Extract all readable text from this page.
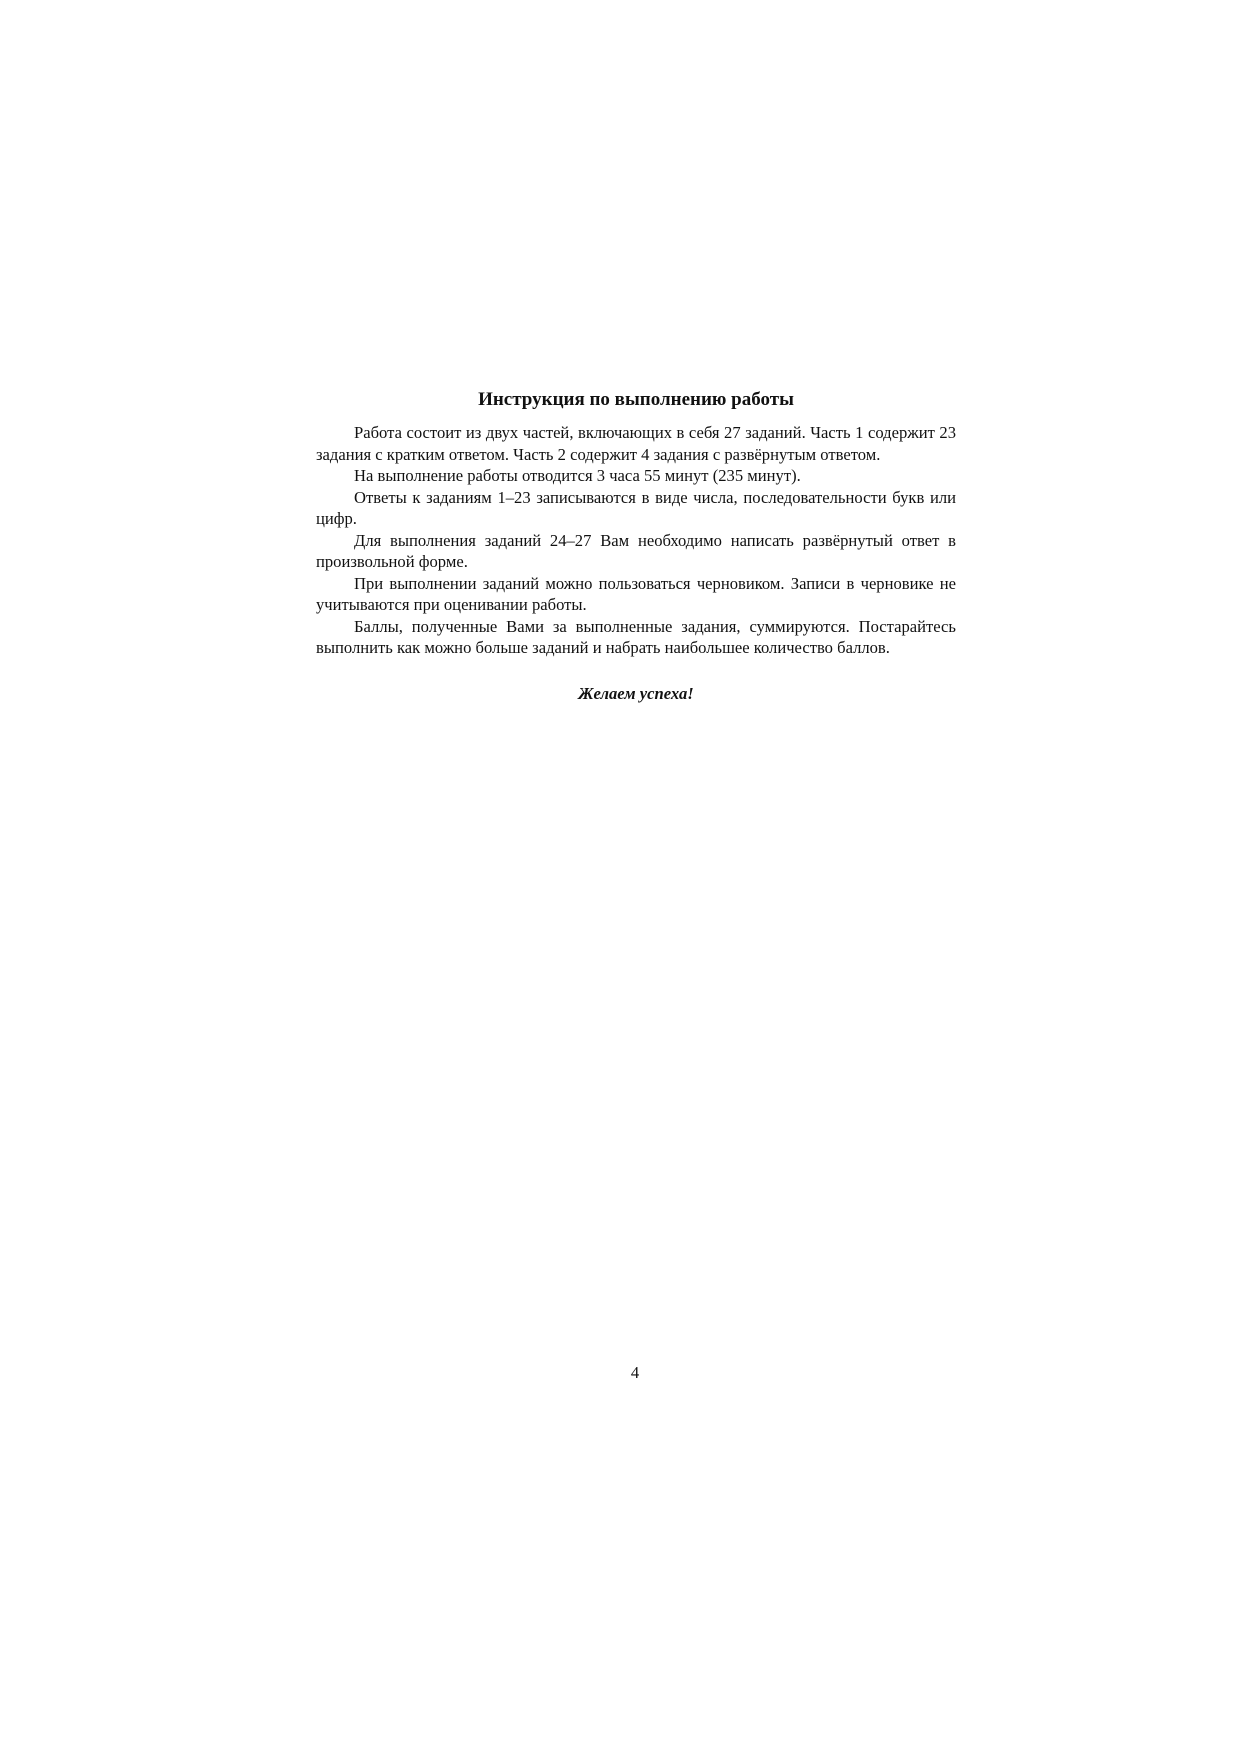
Инструкция по выполнению работы

Работа состоит из двух частей, включающих в себя 27 заданий. Часть 1 содержит 23 задания с кратким ответом. Часть 2 содержит 4 задания с развёрнутым ответом.

На выполнение работы отводится 3 часа 55 минут (235 минут).

Ответы к заданиям 1–23 записываются в виде числа, последовательности букв или цифр.

Для выполнения заданий 24–27 Вам необходимо написать развёрнутый ответ в произвольной форме.

При выполнении заданий можно пользоваться черновиком. Записи в черновике не учитываются при оценивании работы.

Баллы, полученные Вами за выполненные задания, суммируются. Постарайтесь выполнить как можно больше заданий и набрать наибольшее количество баллов.

Желаем успеха!

4
